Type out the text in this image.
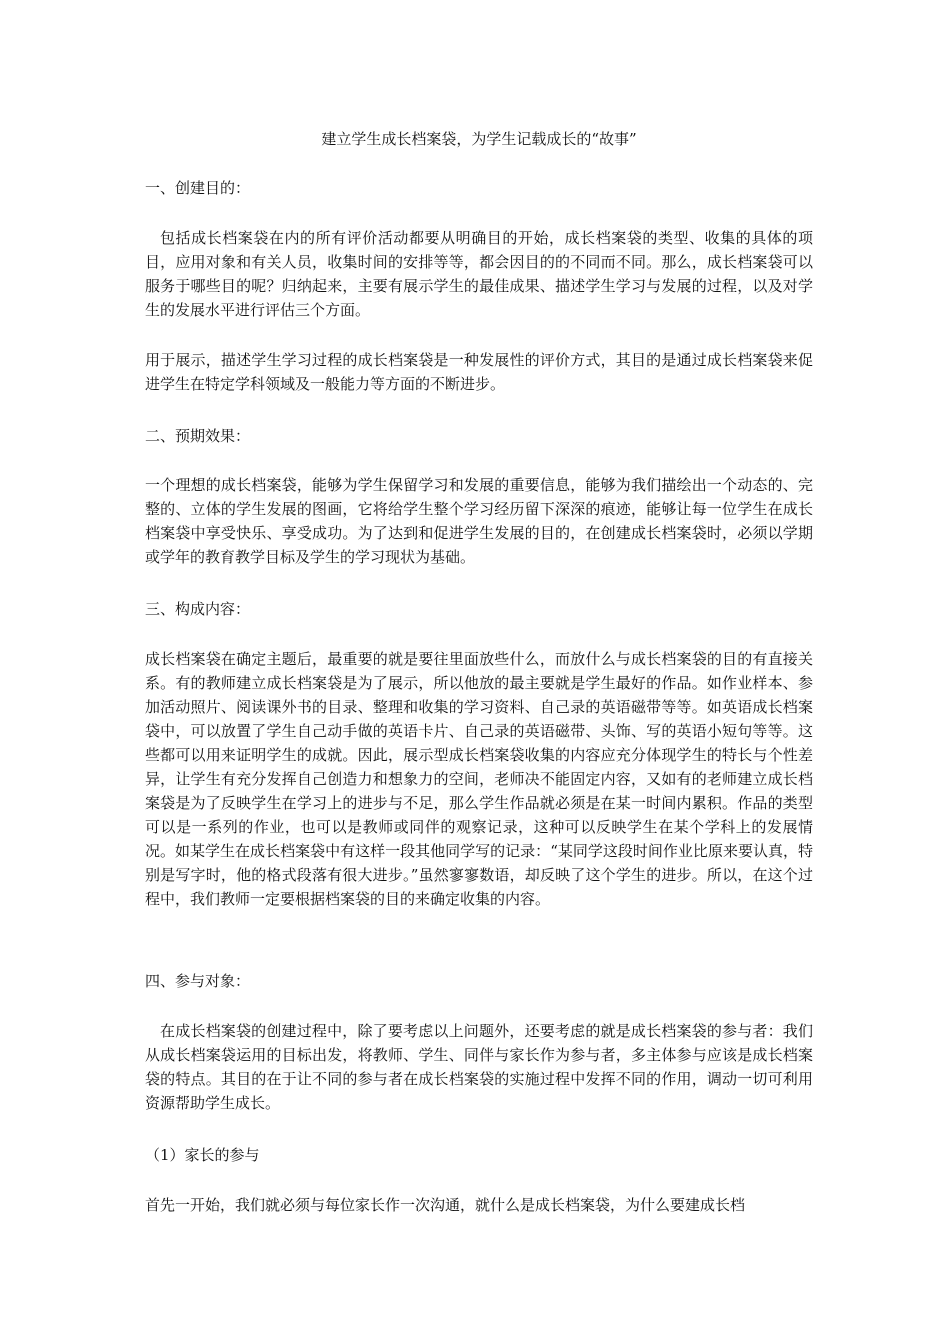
建立学生成长档案袋，为学生记载成长的“故事”
一、创建目的：
包括成长档案袋在内的所有评价活动都要从明确目的开始，成长档案袋的类型、收集的具体的项目，应用对象和有关人员，收集时间的安排等等，都会因目的的不同而不同。那么，成长档案袋可以服务于哪些目的呢？归纳起来，主要有展示学生的最佳成果、描述学生学习与发展的过程，以及对学生的发展水平进行评估三个方面。
用于展示，描述学生学习过程的成长档案袋是一种发展性的评价方式，其目的是通过成长档案袋来促进学生在特定学科领域及一般能力等方面的不断进步。
二、预期效果：
一个理想的成长档案袋，能够为学生保留学习和发展的重要信息，能够为我们描绘出一个动态的、完整的、立体的学生发展的图画，它将给学生整个学习经历留下深深的痕迹，能够让每一位学生在成长档案袋中享受快乐、享受成功。为了达到和促进学生发展的目的，在创建成长档案袋时，必须以学期或学年的教育教学目标及学生的学习现状为基础。
三、构成内容：
成长档案袋在确定主题后，最重要的就是要往里面放些什么，而放什么与成长档案袋的目的有直接关系。有的教师建立成长档案袋是为了展示，所以他放的最主要就是学生最好的作品。如作业样本、参加活动照片、阅读课外书的目录、整理和收集的学习资料、自己录的英语磁带等等。如英语成长档案袋中，可以放置了学生自己动手做的英语卡片、自己录的英语磁带、头饰、写的英语小短句等等。这些都可以用来证明学生的成就。因此，展示型成长档案袋收集的内容应充分体现学生的特长与个性差异，让学生有充分发挥自己创造力和想象力的空间，老师决不能固定内容，又如有的老师建立成长档案袋是为了反映学生在学习上的进步与不足，那么学生作品就必须是在某一时间内累积。作品的类型可以是一系列的作业，也可以是教师或同伴的观察记录，这种可以反映学生在某个学科上的发展情况。如某学生在成长档案袋中有这样一段其他同学写的记录：“某同学这段时间作业比原来要认真，特别是写字时，他的格式段落有很大进步。”虽然寥寥数语，却反映了这个学生的进步。所以，在这个过程中，我们教师一定要根据档案袋的目的来确定收集的内容。
四、参与对象：
在成长档案袋的创建过程中，除了要考虑以上问题外，还要考虑的就是成长档案袋的参与者：我们从成长档案袋运用的目标出发，将教师、学生、同伴与家长作为参与者，多主体参与应该是成长档案袋的特点。其目的在于让不同的参与者在成长档案袋的实施过程中发挥不同的作用，调动一切可利用资源帮助学生成长。
（1）家长的参与
首先一开始，我们就必须与每位家长作一次沟通，就什么是成长档案袋，为什么要建成长档
